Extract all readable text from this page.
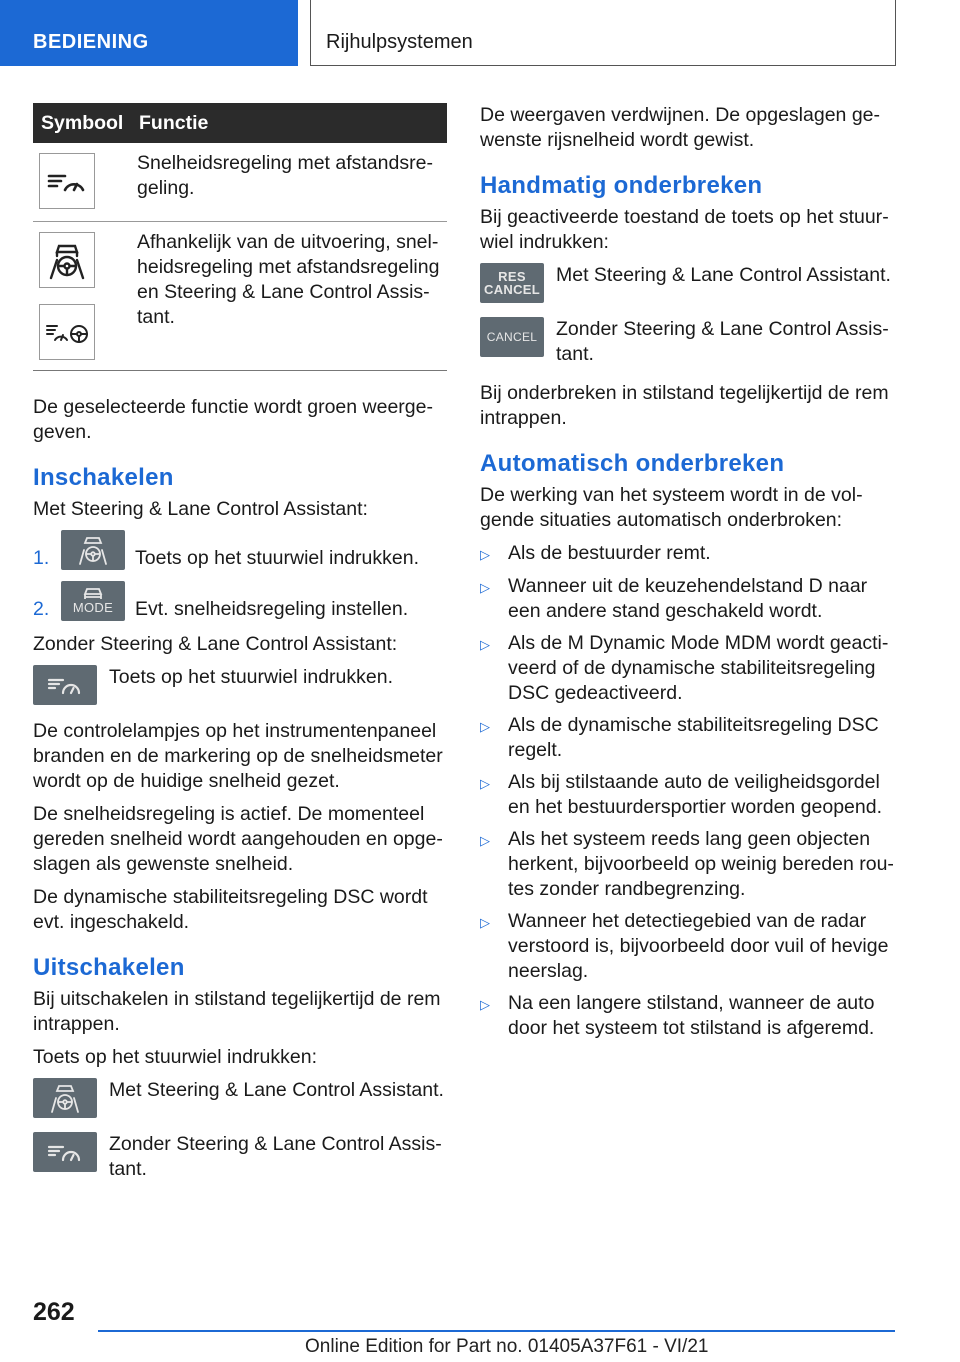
BEDIENING	Rijhulpsystemen
Symbool	Functie

	Snelheidsregeling met afstandsregeling.

	Afhankelijk van de uitvoering, snelheidsregeling met afstandsregeling en Steering & Lane Control Assistant.

De geselecteerde functie wordt groen weergegeven.

Inschakelen

Met Steering & Lane Control Assistant:

1.	Toets op het stuurwiel indrukken.
2.	MODE Evt. snelheidsregeling instellen.

Zonder Steering & Lane Control Assistant:

Toets op het stuurwiel indrukken.

De controlelampjes op het instrumentenpaneel branden en de markering op de snelheidsmeter wordt op de huidige snelheid gezet.

De snelheidsregeling is actief. De momenteel gereden snelheid wordt aangehouden en opgeslagen als gewenste snelheid.

De dynamische stabiliteitsregeling DSC wordt evt. ingeschakeld.

Uitschakelen

Bij uitschakelen in stilstand tegelijkertijd de rem intrappen.

Toets op het stuurwiel indrukken:

Met Steering & Lane Control Assistant.
Zonder Steering & Lane Control Assistant.

De weergaven verdwijnen. De opgeslagen gewenste rijsnelheid wordt gewist.

Handmatig onderbreken

Bij geactiveerde toestand de toets op het stuurwiel indrukken:

RES
CANCEL
Met Steering & Lane Control Assistant.
CANCEL Zonder Steering & Lane Control Assistant.

Bij onderbreken in stilstand tegelijkertijd de rem intrappen.

Automatisch onderbreken

De werking van het systeem wordt in de volgende situaties automatisch onderbroken:

▷ Als de bestuurder remt.
▷ Wanneer uit de keuzehendelstand D naar een andere stand geschakeld wordt.
▷ Als de M Dynamic Mode MDM wordt geactiveerd of de dynamische stabiliteitsregeling DSC gedeactiveerd.
▷ Als de dynamische stabiliteitsregeling DSC regelt.
▷ Als bij stilstaande auto de veiligheidsgordel en het bestuurdersportier worden geopend.
▷ Als het systeem reeds lang geen objecten herkent, bijvoorbeeld op weinig bereden routes zonder randbegrenzing.
▷ Wanneer het detectiegebied van de radar verstoord is, bijvoorbeeld door vuil of hevige neerslag.
▷ Na een langere stilstand, wanneer de auto door het systeem tot stilstand is afgeremd.
262
Online Edition for Part no. 01405A37F61 - VI/21
